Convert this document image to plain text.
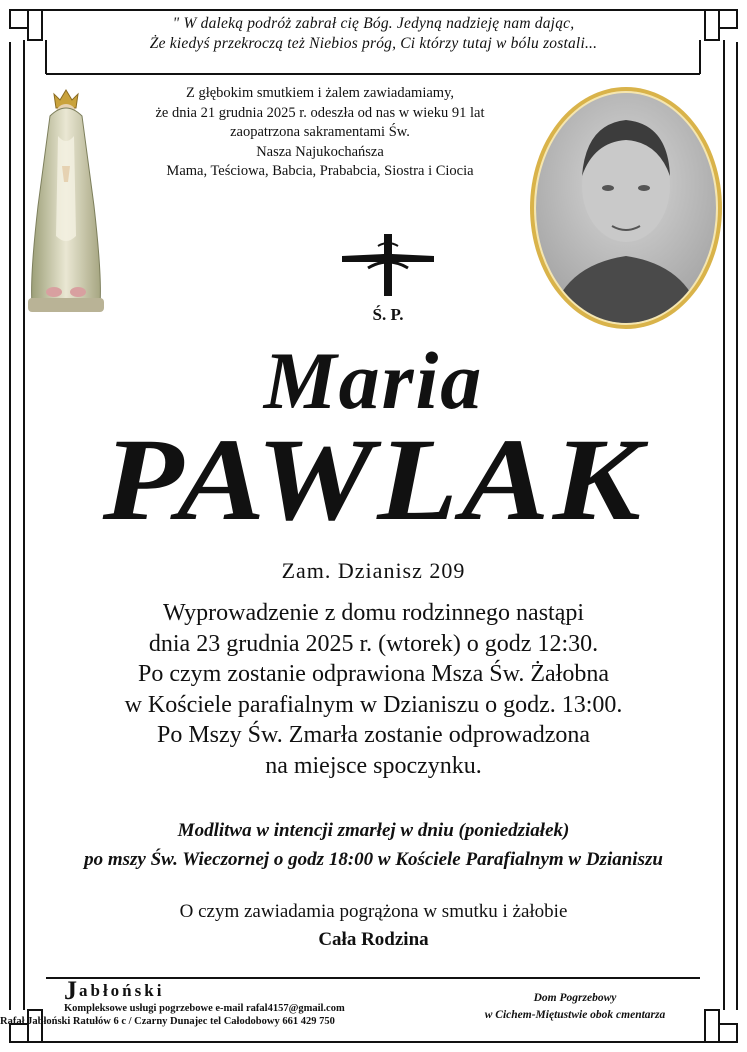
" W daleką podróż zabrał cię Bóg. Jedyną nadzieję nam dając,
Że kiedyś przekroczą też Niebios próg, Ci którzy tutaj w bólu zostali...
Z głębokim smutkiem i żalem zawiadamiamy,
że dnia 21 grudnia 2025 r. odeszła od nas w wieku 91 lat
zaopatrzona sakramentami Św.
Nasza Najukochańsza
Mama, Teściowa, Babcia, Prababcia, Siostra i Ciocia
Ś. P.
Maria
PAWLAK
Zam. Dzianisz 209
Wyprowadzenie z domu rodzinnego nastąpi
dnia 23 grudnia 2025 r. (wtorek) o godz 12:30.
Po czym zostanie odprawiona Msza Św. Żałobna
w Kościele parafialnym w Dzianiszu o godz. 13:00.
Po Mszy Św. Zmarła zostanie odprowadzona
na miejsce spoczynku.
Modlitwa w intencji zmarłej w dniu (poniedziałek)
po mszy Św. Wieczornej o godz 18:00 w Kościele Parafialnym w Dzianiszu
O czym zawiadamia pogrążona w smutku i żałobie
Cała Rodzina
$J^{abłoński}$
Kompleksowe usługi pogrzebowe e-mail rafal4157@gmail.com
Rafał Jabłoński Ratułów 6 c / Czarny Dunajec tel Całodobowy 661 429 750
Dom Pogrzebowy
w Cichem-Miętustwie obok cmentarza
